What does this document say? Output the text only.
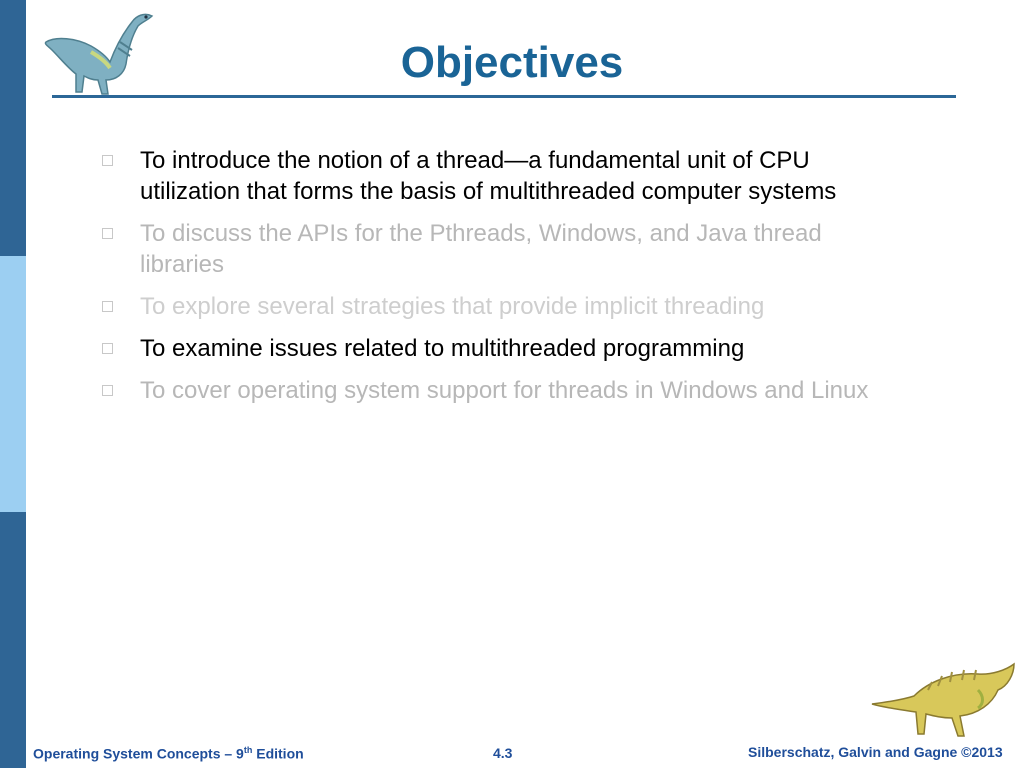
Objectives
To introduce the notion of a thread—a fundamental unit of CPU utilization that forms the basis of multithreaded computer systems
To discuss the APIs for the Pthreads, Windows, and Java thread libraries
To explore several strategies that provide implicit threading
To examine issues related to multithreaded programming
To cover operating system support for threads in Windows and Linux
Operating System Concepts – 9th Edition	4.3	Silberschatz, Galvin and Gagne ©2013
